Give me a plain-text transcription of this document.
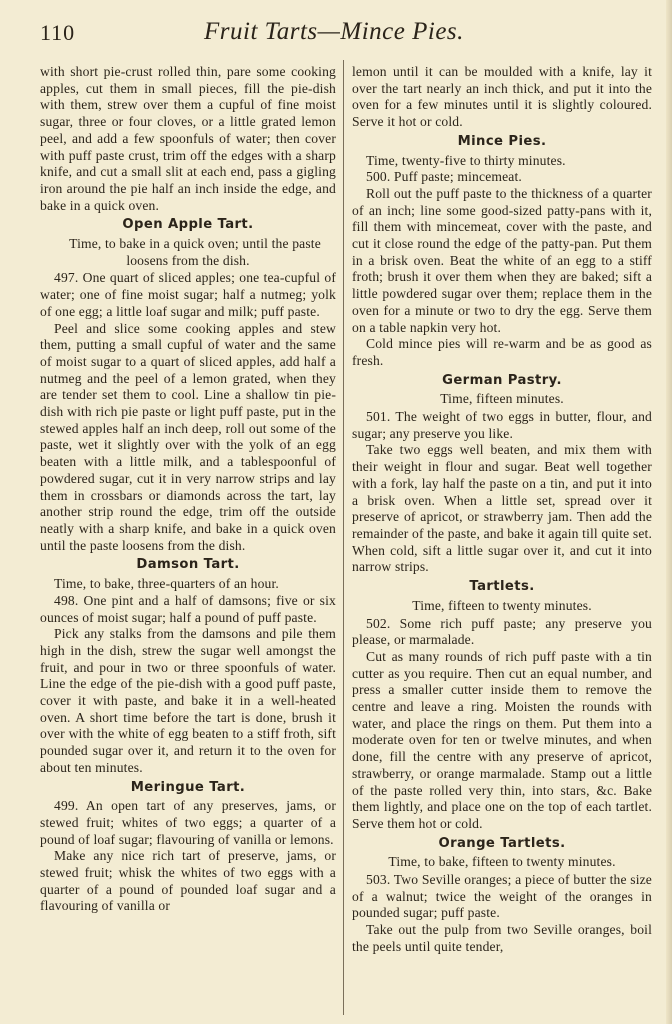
110	Fruit Tarts—Mince Pies.

with short pie-crust rolled thin, pare some cooking apples, cut them in small pieces, fill the pie-dish with them, strew over them a cupful of fine moist sugar, three or four cloves, or a little grated lemon peel, and add a few spoonfuls of water; then cover with puff paste crust, trim off the edges with a sharp knife, and cut a small slit at each end, pass a gigling iron around the pie half an inch inside the edge, and bake in a quick oven.

Open Apple Tart.

Time, to bake in a quick oven; until the paste loosens from the dish.

497. One quart of sliced apples; one tea-cupful of water; one of fine moist sugar; half a nutmeg; yolk of one egg; a little loaf sugar and milk; puff paste.

Peel and slice some cooking apples and stew them, putting a small cupful of water and the same of moist sugar to a quart of sliced apples, add half a nutmeg and the peel of a lemon grated, when they are tender set them to cool. Line a shallow tin pie-dish with rich pie paste or light puff paste, put in the stewed apples half an inch deep, roll out some of the paste, wet it slightly over with the yolk of an egg beaten with a little milk, and a tablespoonful of powdered sugar, cut it in very narrow strips and lay them in crossbars or diamonds across the tart, lay another strip round the edge, trim off the outside neatly with a sharp knife, and bake in a quick oven until the paste loosens from the dish.

Damson Tart.

Time, to bake, three-quarters of an hour.

498. One pint and a half of damsons; five or six ounces of moist sugar; half a pound of puff paste.

Pick any stalks from the damsons and pile them high in the dish, strew the sugar well amongst the fruit, and pour in two or three spoonfuls of water. Line the edge of the pie-dish with a good puff paste, cover it with paste, and bake it in a well-heated oven. A short time before the tart is done, brush it over with the white of egg beaten to a stiff froth, sift pounded sugar over it, and return it to the oven for about ten minutes.

Meringue Tart.

499. An open tart of any preserves, jams, or stewed fruit; whites of two eggs; a quarter of a pound of loaf sugar; flavouring of vanilla or lemons.

Make any nice rich tart of preserve, jams, or stewed fruit; whisk the whites of two eggs with a quarter of a pound of pounded loaf sugar and a flavouring of vanilla or

lemon until it can be moulded with a knife, lay it over the tart nearly an inch thick, and put it into the oven for a few minutes until it is slightly coloured. Serve it hot or cold.

Mince Pies.

Time, twenty-five to thirty minutes.

500. Puff paste; mincemeat.

Roll out the puff paste to the thickness of a quarter of an inch; line some good-sized patty-pans with it, fill them with mincemeat, cover with the paste, and cut it close round the edge of the patty-pan. Put them in a brisk oven. Beat the white of an egg to a stiff froth; brush it over them when they are baked; sift a little powdered sugar over them; replace them in the oven for a minute or two to dry the egg. Serve them on a table napkin very hot.

Cold mince pies will re-warm and be as good as fresh.

German Pastry.

Time, fifteen minutes.

501. The weight of two eggs in butter, flour, and sugar; any preserve you like.

Take two eggs well beaten, and mix them with their weight in flour and sugar. Beat well together with a fork, lay half the paste on a tin, and put it into a brisk oven. When a little set, spread over it preserve of apricot, or strawberry jam. Then add the remainder of the paste, and bake it again till quite set. When cold, sift a little sugar over it, and cut it into narrow strips.

Tartlets.

Time, fifteen to twenty minutes.

502. Some rich puff paste; any preserve you please, or marmalade.

Cut as many rounds of rich puff paste with a tin cutter as you require. Then cut an equal number, and press a smaller cutter inside them to remove the centre and leave a ring. Moisten the rounds with water, and place the rings on them. Put them into a moderate oven for ten or twelve minutes, and when done, fill the centre with any preserve of apricot, strawberry, or orange marmalade. Stamp out a little of the paste rolled very thin, into stars, &c. Bake them lightly, and place one on the top of each tartlet. Serve them hot or cold.

Orange Tartlets.

Time, to bake, fifteen to twenty minutes.

503. Two Seville oranges; a piece of butter the size of a walnut; twice the weight of the oranges in pounded sugar; puff paste.

Take out the pulp from two Seville oranges, boil the peels until quite tender,
